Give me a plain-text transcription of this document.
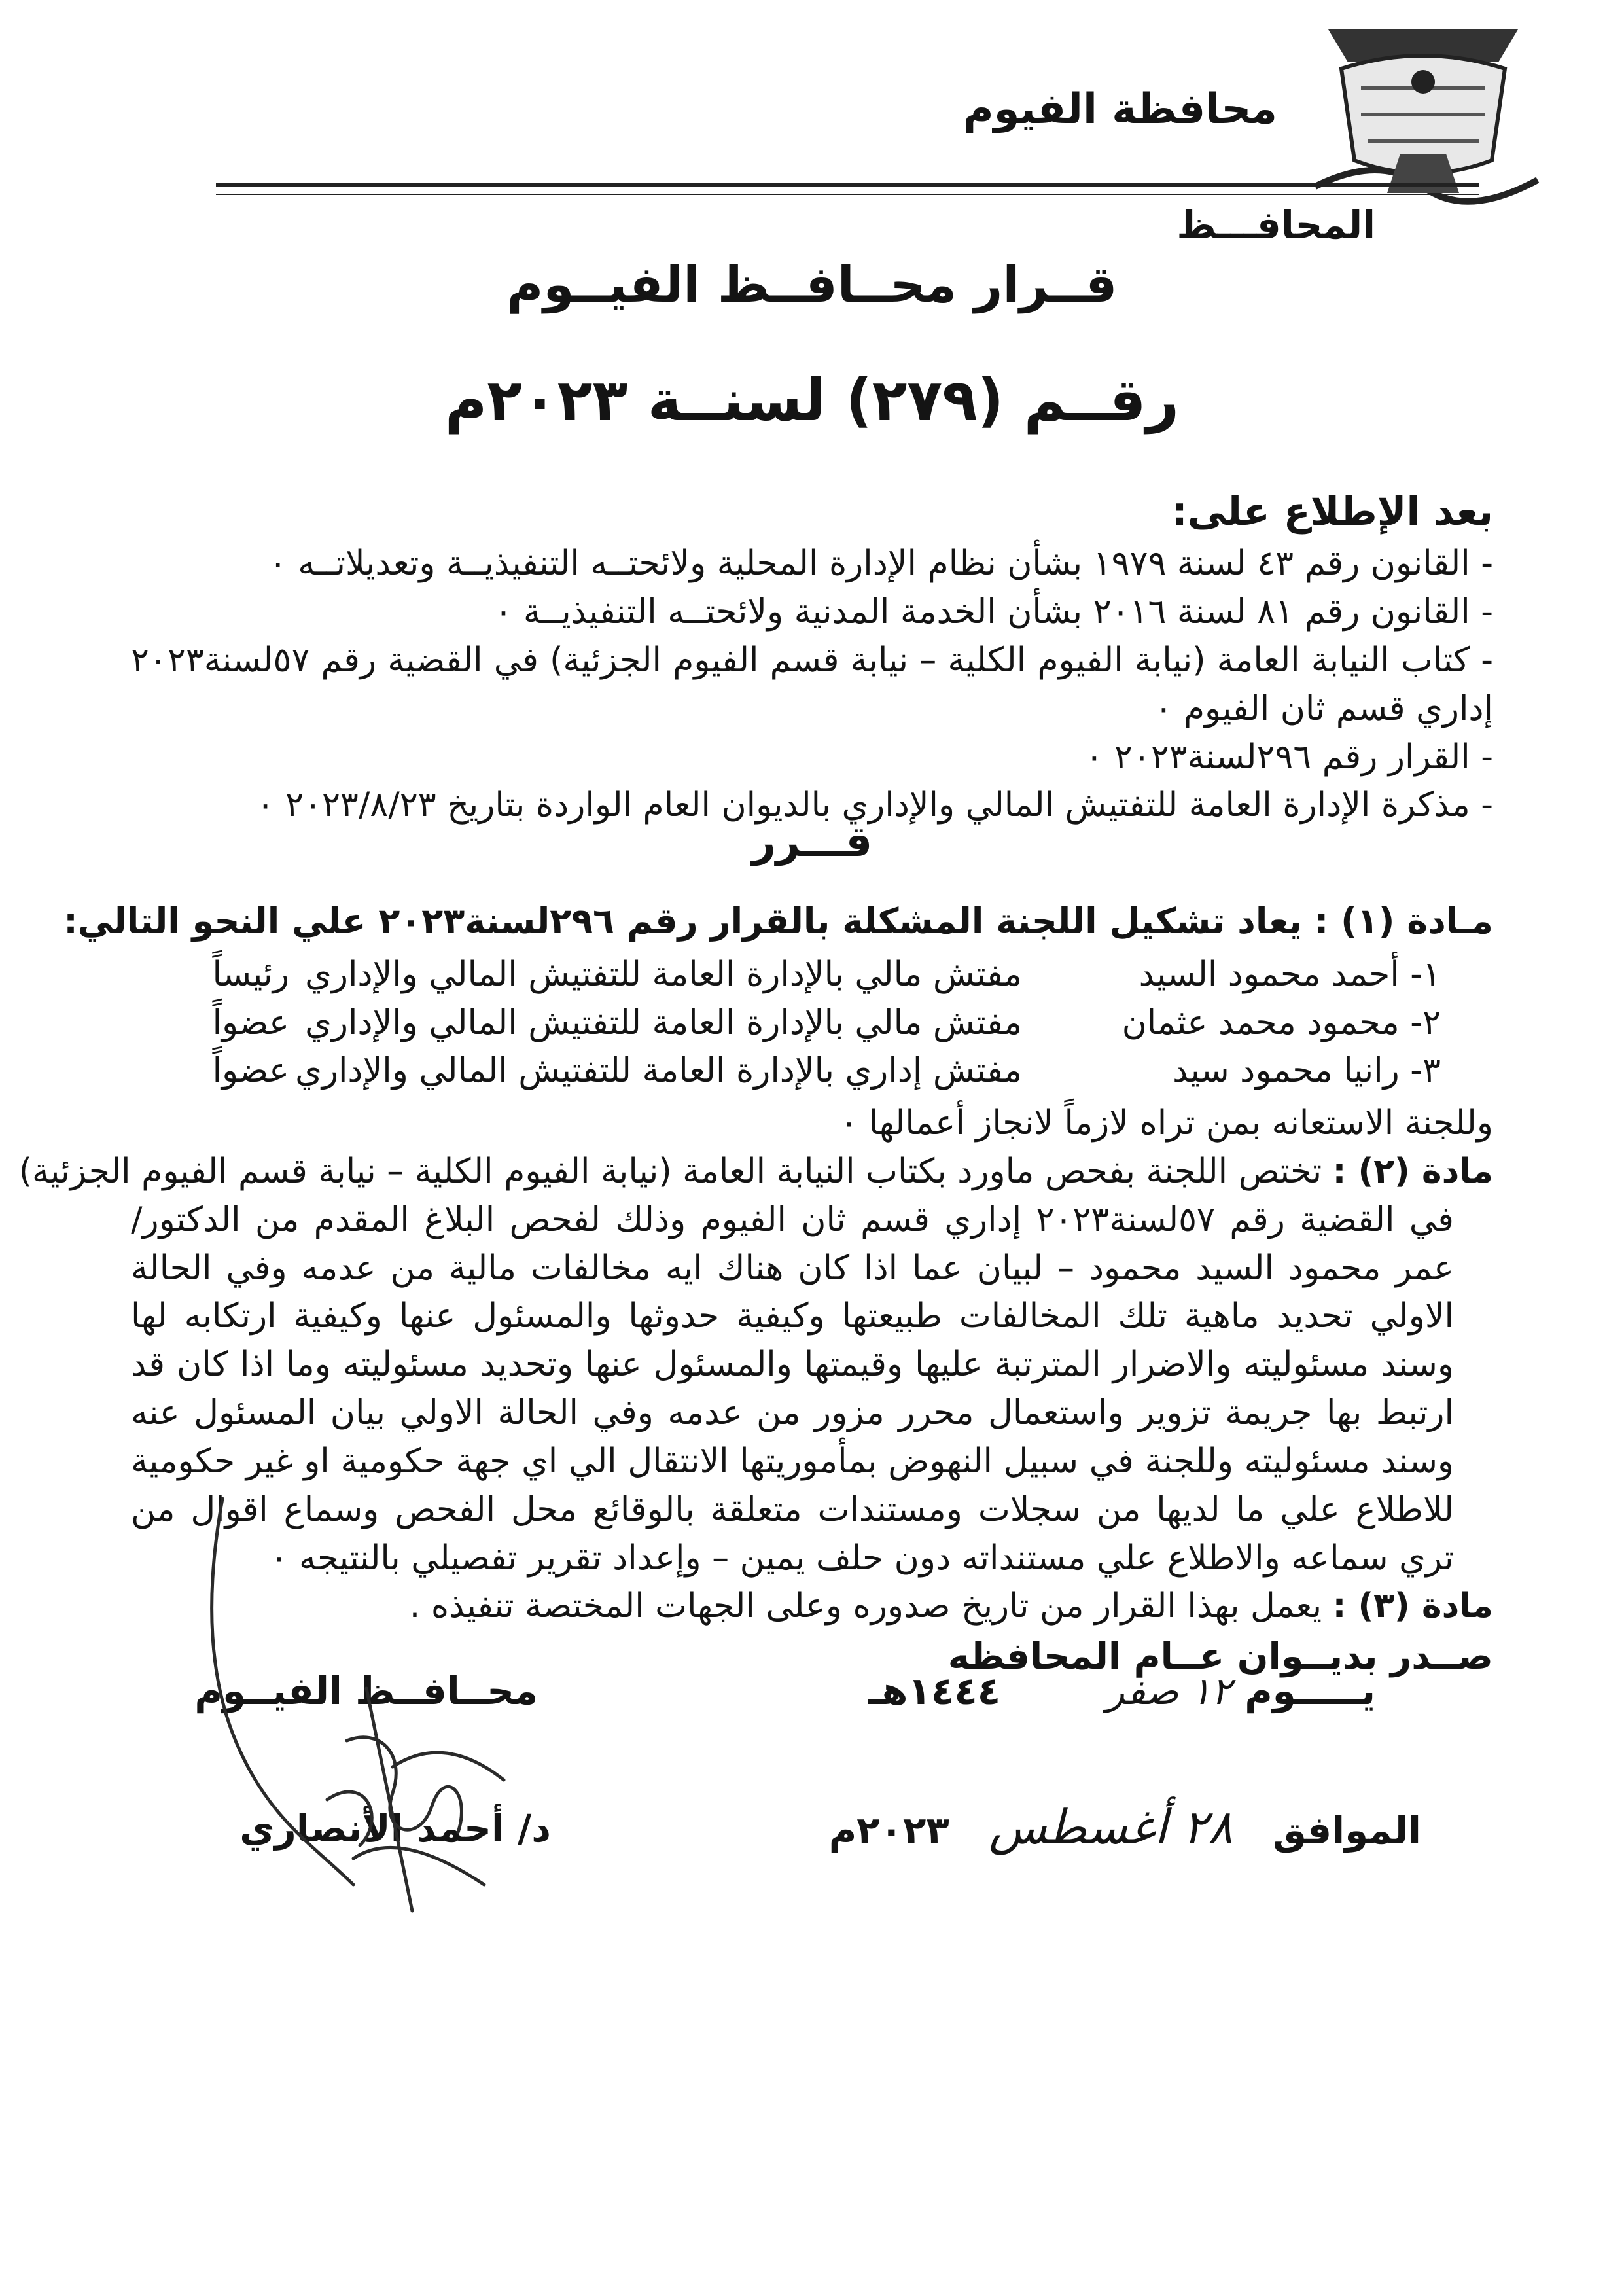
محافظة الفيوم
المحافـــظ
قــرار محــافــظ الفيــوم
رقــم (٢٧٩) لسنــة ٢٠٢٣م
بعد الإطلاع على:
- القانون رقم ٤٣ لسنة ١٩٧٩ بشأن نظام الإدارة المحلية ولائحتــه التنفيذيــة وتعديلاتــه ٠
- القانون رقم ٨١ لسنة ٢٠١٦ بشأن الخدمة المدنية ولائحتــه التنفيذيــة ٠
- كتاب النيابة العامة (نيابة الفيوم الكلية – نيابة قسم الفيوم الجزئية) في القضية رقم ٥٧لسنة٢٠٢٣ إداري قسم ثان الفيوم ٠
- القرار رقم ٢٩٦لسنة٢٠٢٣ ٠
- مذكرة الإدارة العامة للتفتيش المالي والإداري بالديوان العام الواردة بتاريخ ٢٠٢٣/٨/٢٣ ٠
قـــرر
مـادة (١) : يعاد تشكيل اللجنة المشكلة بالقرار رقم ٢٩٦لسنة٢٠٢٣ علي النحو التالي:
١- أحمد محمود السيد
مفتش مالي بالإدارة العامة للتفتيش المالي والإداري
رئيساً
٢- محمود محمد عثمان
مفتش مالي بالإدارة العامة للتفتيش المالي والإداري
عضواً
٣- رانيا محمود سيد
مفتش إداري بالإدارة العامة للتفتيش المالي والإداري
عضواً
وللجنة الاستعانه بمن تراه لازماً لانجاز أعمالها ٠
مادة (٢) : تختص اللجنة بفحص ماورد بكتاب النيابة العامة (نيابة الفيوم الكلية – نيابة قسم الفيوم الجزئية)
في القضية رقم ٥٧لسنة٢٠٢٣ إداري قسم ثان الفيوم وذلك لفحص البلاغ المقدم من الدكتور/ عمر محمود السيد محمود – لبيان عما اذا كان هناك ايه مخالفات مالية من عدمه وفي الحالة الاولي تحديد ماهية تلك المخالفات طبيعتها وكيفية حدوثها والمسئول عنها وكيفية ارتكابه لها وسند مسئوليته والاضرار المترتبة عليها وقيمتها والمسئول عنها وتحديد مسئوليته وما اذا كان قد ارتبط بها جريمة تزوير واستعمال محرر مزور من عدمه وفي الحالة الاولي بيان المسئول عنه وسند مسئوليته وللجنة في سبيل النهوض بمأموريتها الانتقال الي اي جهة حكومية او غير حكومية للاطلاع علي ما لديها من سجلات ومستندات متعلقة بالوقائع محل الفحص وسماع اقوال من تري سماعه والاطلاع علي مستنداته دون حلف يمين – وإعداد تقرير تفصيلي بالنتيجه ٠
مادة (٣) : يعمل بهذا القرار من تاريخ صدوره وعلى الجهات المختصة تنفيذه .
صــدر بديــوان عــام المحافظه
يـــــوم ١٢ صفر        ١٤٤٤هـ
الموافق   ٢٨ أغسطس   ٢٠٢٣م
محــافــظ الفيــوم
د/ أحمد الأنصاري
